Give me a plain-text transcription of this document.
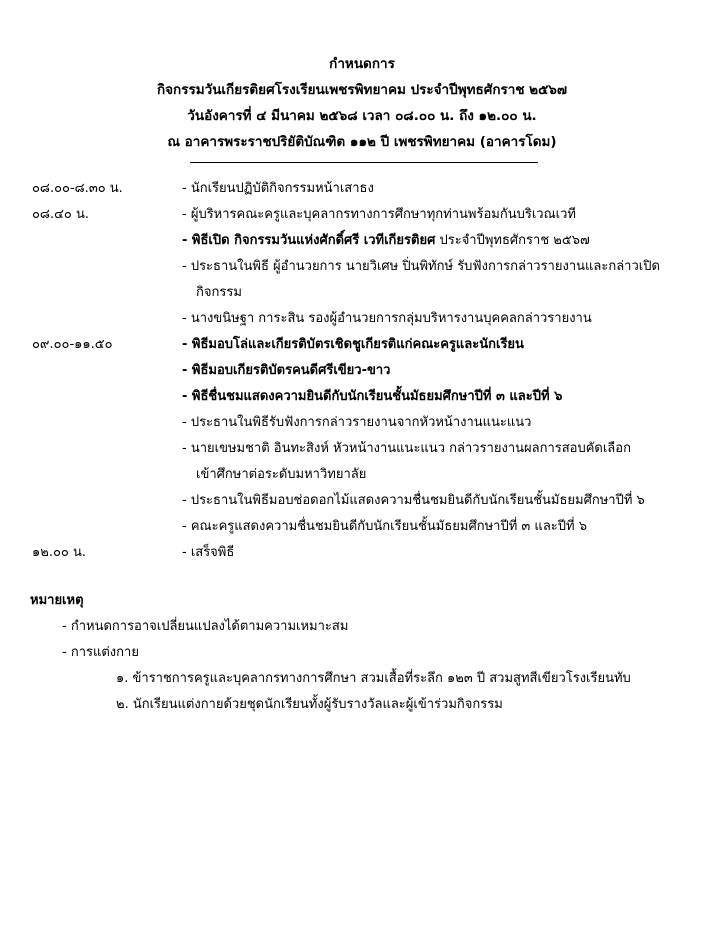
กำหนดการ
กิจกรรมวันเกียรติยศโรงเรียนเพชรพิทยาคม ประจำปีพุทธศักราช ๒๕๖๗
วันอังคารที่ ๔ มีนาคม ๒๕๖๘ เวลา ๐๘.๐๐ น. ถึง ๑๒.๐๐ น.
ณ อาคารพระราชปริยัติบัณฑิต ๑๑๒ ปี เพชรพิทยาคม (อาคารโดม)
๐๘.๐๐-๘.๓๐ น.	- นักเรียนปฏิบัติกิจกรรมหน้าเสาธง
๐๘.๔๐ น.	- ผู้บริหารคณะครูและบุคลากรทางการศึกษาทุกท่านพร้อมกันบริเวณเวที
- พิธีเปิด กิจกรรมวันแห่งศักดิ์ศรี เวทีเกียรติยศ ประจำปีพุทธศักราช ๒๕๖๗
- ประธานในพิธี ผู้อำนวยการ นายวิเศษ ปิ่นพิทักษ์ รับฟังการกล่าวรายงานและกล่าวเปิด
กิจกรรม
- นางขนิษฐา การะสิน รองผู้อำนวยการกลุ่มบริหารงานบุคคลกล่าวรายงาน
๐๙.๐๐-๑๑.๕๐	- พิธีมอบโล่และเกียรติบัตรเชิดชูเกียรติแก่คณะครูและนักเรียน
- พิธีมอบเกียรติบัตรคนดีศรีเขียว-ขาว
- พิธีชื่นชมแสดงความยินดีกับนักเรียนชั้นมัธยมศึกษาปีที่ ๓ และปีที่ ๖
- ประธานในพิธีรับฟังการกล่าวรายงานจากหัวหน้างานแนะแนว
- นายเขษมชาติ อินทะสิงห์ หัวหน้างานแนะแนว กล่าวรายงานผลการสอบคัดเลือก
เข้าศึกษาต่อระดับมหาวิทยาลัย
- ประธานในพิธีมอบช่อดอกไม้แสดงความชื่นชมยินดีกับนักเรียนชั้นมัธยมศึกษาปีที่ ๖
- คณะครูแสดงความชื่นชมยินดีกับนักเรียนชั้นมัธยมศึกษาปีที่ ๓ และปีที่ ๖
๑๒.๐๐ น.	- เสร็จพิธี
หมายเหตุ
- กำหนดการอาจเปลี่ยนแปลงได้ตามความเหมาะสม
- การแต่งกาย
๑. ข้าราชการครูและบุคลากรทางการศึกษา สวมเสื้อที่ระลึก ๑๒๓ ปี สวมสูทสีเขียวโรงเรียนทับ
๒. นักเรียนแต่งกายด้วยชุดนักเรียนทั้งผู้รับรางวัลและผู้เข้าร่วมกิจกรรม
